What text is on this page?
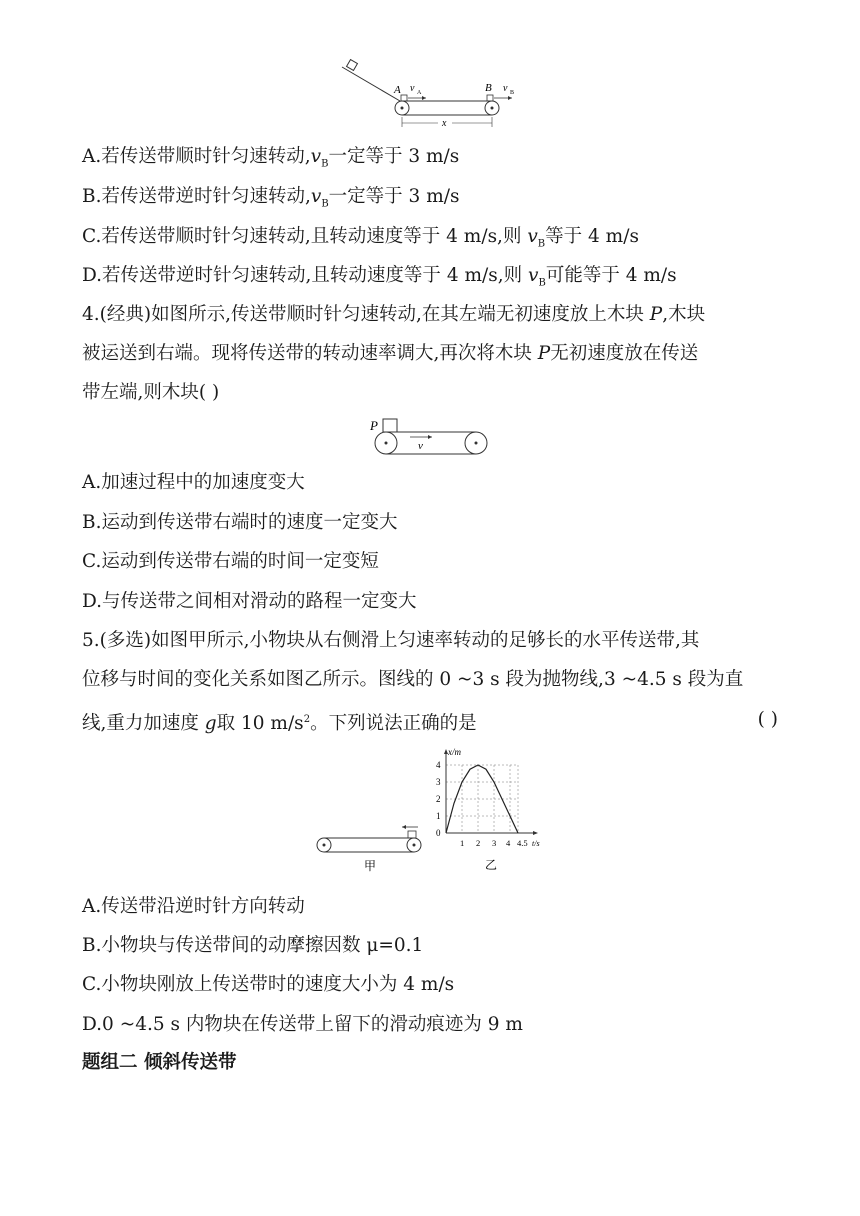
A v A	B v B
x
A.若传送带顺时针匀速转动$,v_B$一定等于 3 m/s
B.若传送带逆时针匀速转动$,v_B$一定等于 3 m/s
C.若传送带顺时针匀速转动,且转动速度等于 4 m/s,则 $v_B$等于 4 m/s
D.若传送带逆时针匀速转动,且转动速度等于 4 m/s,则 $v_B$可能等于 4 m/s
4.(经典)如图所示,传送带顺时针匀速转动,在其左端无初速度放上木块 P,木块
被运送到右端。现将传送带的转动速率调大,再次将木块 P无初速度放在传送
带左端,则木块( )
P
v
A.加速过程中的加速度变大
B.运动到传送带右端时的速度一定变大
C.运动到传送带右端的时间一定变短
D.与传送带之间相对滑动的路程一定变大
5.(多选)如图甲所示,小物块从右侧滑上匀速率转动的足够长的水平传送带,其
位移与时间的变化关系如图乙所示。图线的 0 ~3 s 段为抛物线,3 ~4.5 s 段为直
线,重力加速度 g取 10 $m/s^2$。下列说法正确的是	( )
甲
x/m
t/s
0
1
2
3
4
1 2 3 4 4.5
乙
A.传送带沿逆时针方向转动
B.小物块与传送带间的动摩擦因数 μ=0.1
C.小物块刚放上传送带时的速度大小为 4 m/s
D.0 ~4.5 s 内物块在传送带上留下的滑动痕迹为 9 m
题组二 倾斜传送带
